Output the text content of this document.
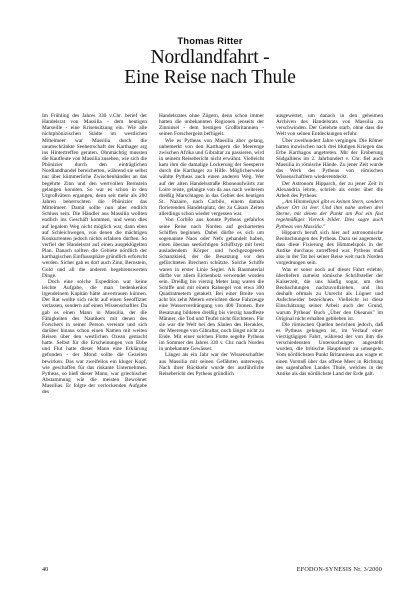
Thomas Ritter
Nordlandfahrt -
Eine Reise nach Thule

Im Frühling des Jahres 330 v.Chr. berief der Handelsrat von Massilia - dem heutigen Marseille - eine Krisensitzung ein. Wie alle nichtphönizischen Städte im westlichen Mittelmeer war Massilia durch die unumschränkte Seeherrschaft der Karthager arg ins Hintertreffen geraten. Ohnmächtig mussten die Kaufleute von Massilia zusehen, wie sich die Phönizier durch den einträglichen Nordlandhandel bereicherten, während sie selbst nur über kümmerliche Zwischenhändler an das begehrte Zinn und den wertvollen Bernstein gelangen konnten. So war es schon in den Urgroßvätern ergangen, denn seit mehr als 200 Jahren beherrschten die Phönizier das Mittelmeer. Damit sollte nun aber endlich Schluss sein. Die Händler aus Massilia wollten endlich ins Geschäft kommen, und wenn dies auf legalem Weg nicht möglich war, dann eben auf Schleichwegen, von denen die mächtigen Konkurrenten jedoch nichts erfahren durften. So verfiel der Handelsrat auf einen ausgeklügelten Plan. Danach sollten die Gebiete nördlich der karthagischen Einflusssphäre gründlich erforscht werden. Sicher gab es dort auch Zinn, Bernstein, Gold und all die anderen begehrenswerten Dinge.

Doch eine solche Expedition war keine leichte Aufgabe, die man bedenkenlos irgendeinem Kapitän hätte anvertrauen können. Der Rat wollte sich nicht auf einen Seeoffizier verlassen, sondern auf einen Wissenschaftler. Da gab es einen Mann in Massilia, der die Fähigkeiten des Nautikers mit denen des Forschers in seiner Person vereinte und sich darüber hinaus schon einen Namen mit weiten Reisen über den westlichen Ozean gemacht hatte. Selbst für die Erscheinungen von Ebbe und Flut hatte dieser Mann eine Erklärung gefunden - der Mond sollte die Gezeiten bewirken. Das war zweifellos ein kluger Kopf, wie geschaffen für das riskante Unternehmen. Pytheas, so hieß dieser Mann, war griechischer Abstammung wie die meisten Bewohner Massilias. Er folgte der verlockenden Aufgabe des

Handelsrates ohne Zögern, denn schon immer hatten die unbekannten Regionen jenseits der Zinninsel - dem heutigen Großbritannien - seinen Forschergeist beflügelt.

Wie es Pytheas von Massilia aber gelang, unbemerkt von den Karthagern die Meerenge zwischen Afrika und Gibraltar zu passieren, wird in seinem Reisebericht nicht erwähnt. Vielleicht kam ihm die damalige Lockerung der Seesperre durch die Karthager zu Hilfe. Möglicherweise wählte Pytheas auch einen anderen Weg. Wer auf der alten Handelsstraße Rhoneaufwärts zur Loire reiste, gelangte von da aus nach weiterem dreißig Marschtagen in das Gebiet des heutigen St. Nazaire, nach Corbilo, einem damals florierenden Handelsplatz, der zu Cäsars Zeiten allerdings schon wieder vergessen war.

Von Corbilo aus konnte Pytheas gefahrlos seine Reise nach Norden auf gecharterten Schiffen beginnen. Dabei dürfte es sich um sogenannte Naos oder Nefs gehandelt haben, einen überaus seetüchtigen Schiffstyp mit breit ausladendem Körper und hochgezogenem Schanzkleid, der die Besatzung vor den gefürchteten Brechern schützte. Solche Schiffe waren in erster Linie Segler. Als Baumaterial dürfte vor allem Eichenholz verwendet worden sein. Dreißig bis vierzig Meter lang waren die Schiffe und mit einem Rahsegel von etwa 300 Quadratmetern getakelt. Bei einer Breite von acht bis zehn Metern erreichten diese Fahrzeuge eine Wasserverdrängung von 400 Tonnen. Ihre Besatzung bildeten dreißig bis vierzig handfeste Männer, die Tod und Teufel nicht fürchteten. Für sie war die Welt bei den Säulen des Herakles, der Meerenge von Gibraltar, noch längst nicht zu Ende. Mit einer solchen Flotte segelte Pytheas im Sommer des Jahres 330 v. Chr. nach Norden in unbekannte Gewässer.

Länger als ein Jahr war der Wissenschaftler aus Massilia mit seinen Gefährten unterwegs. Nach ihrer Rückkehr wurde der ausführliche Reisebericht des Pytheas gründlich

ausgewertet, um danach in den geheimen Archiven des Handelsrats von Massilia zu verschwinden. Der Gelehrte starb, ohne dass die Welt von seinen Entdeckungen erfuhr.

Über zweihundert Jahre vergingen. Die Römer hatten inzwischen nach drei blutigen Kriegen das Erbe Karthagos angetreten. Mit der Eroberung Südgalliens im 2. Jahrhundert v. Chr. fiel auch Massilia in römische Hände. Zu jener Zeit wurde das Werk des Pytheas von römischen Wissenschaftlern wiederentdeckt.

Der Astronom Hipparch, der zu jener Zeit in Alexandria lehrte, schrieb als erster über die Arbeit des Pytheas:

„Am Himmelspol gibt es keinen Stern, sondern dieser Ort ist leer. Und ihm nahe stehen drei Sterne, mit denen der Punkt am Pol ein fast regelmäßiges Viereck bildet. Dies sagte auch Pytheas von Massilia."

Hipparch beruft sich hier auf astronomische Beobachtungen des Pytheas. Dazu sei angemerkt, dass diese Fixierung des Himmelspols in der Antike durchaus zutreffend war. Pytheas muß also in der Tat bei seiner Reise weit nach Norden vorgedrungen sein.

Was er sonst noch auf dieser Fahrt erlebte, überliefern zumeist römische Schriftsteller der Kaiserzeit, die uns häufig sogar, um den Beobachtungen nachzuvollziehen, und ihn deshalb oftmals zu Unrecht als Lügner und Aufschneider bezeichnen. Vielleicht ist diese Einschätzung seiner Arbeit auch der Grund, warum Pytheas' Buch „Über den Okeanos" im Original nicht erhalten geblieben ist.

Die römischen Quellen berichten jedoch, daß es Pytheas gelungen ist, im Verlauf einer vierzigtägigen Fahrt, während der von ihm die verschiedensten Untersuchungen angestellt wurden, die britische Hauptinsel zu umsegeln. Vom nördlichsten Punkt Britanniens aus wagte er einen Vorstoß über das offene Meer in Richtung des sagenhaften Landes Thule, welches in der Antike als das nördlichste Land der Erde galt.

40	EFODON-SYNESIS Nr. 3/2000
